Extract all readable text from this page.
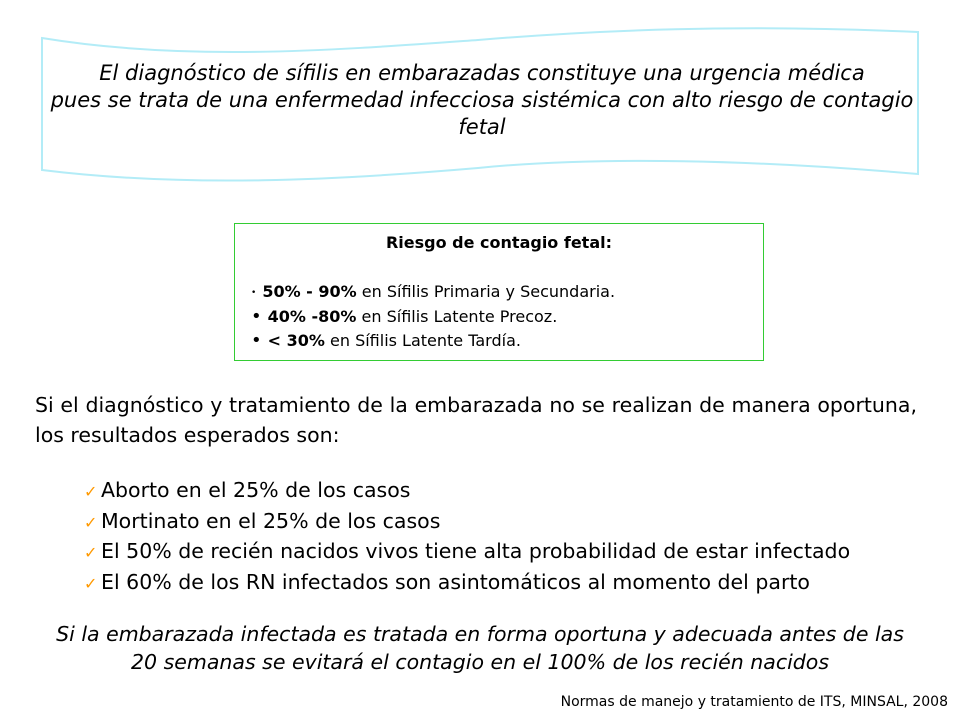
El diagnóstico de sífilis en embarazadas constituye una urgencia médica
pues se trata de una enfermedad infecciosa sistémica con alto riesgo de contagio
fetal
Riesgo de contagio fetal:
• 50% - 90% en Sífilis Primaria y Secundaria.
• 40% -80% en Sífilis Latente Precoz.
• < 30% en Sífilis Latente Tardía.
Si el diagnóstico y tratamiento de la embarazada no se realizan de manera oportuna, los resultados esperados son:
✓ Aborto en el 25% de los casos
✓ Mortinato en el 25% de los casos
✓ El 50% de recién nacidos vivos tiene alta probabilidad de estar infectado
✓ El 60% de los RN infectados son asintomáticos al momento del parto
Si la embarazada infectada es tratada en forma oportuna y adecuada antes de las
20 semanas se evitará el contagio en el 100% de los recién nacidos
Normas de manejo y tratamiento de ITS, MINSAL, 2008
